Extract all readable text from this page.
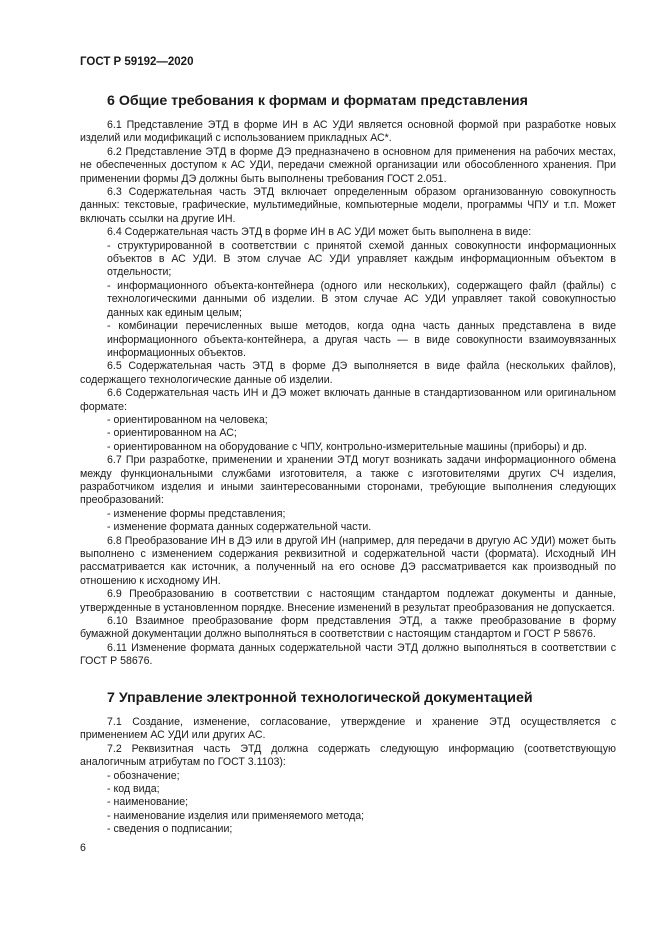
ГОСТ Р 59192—2020
6 Общие требования к формам и форматам представления

6.1 Представление ЭТД в форме ИН в АС УДИ является основной формой при разработке новых изделий или модификаций с использованием прикладных АС*.

6.2 Представление ЭТД в форме ДЭ предназначено в основном для применения на рабочих местах, не обеспеченных доступом к АС УДИ, передачи смежной организации или обособленного хранения. При применении формы ДЭ должны быть выполнены требования ГОСТ 2.051.

6.3 Содержательная часть ЭТД включает определенным образом организованную совокупность данных: текстовые, графические, мультимедийные, компьютерные модели, программы ЧПУ и т.п. Может включать ссылки на другие ИН.

6.4 Содержательная часть ЭТД в форме ИН в АС УДИ может быть выполнена в виде:

- структурированной в соответствии с принятой схемой данных совокупности информационных объектов в АС УДИ. В этом случае АС УДИ управляет каждым информационным объектом в отдельности;

- информационного объекта-контейнера (одного или нескольких), содержащего файл (файлы) с технологическими данными об изделии. В этом случае АС УДИ управляет такой совокупностью данных как единым целым;

- комбинации перечисленных выше методов, когда одна часть данных представлена в виде информационного объекта-контейнера, а другая часть — в виде совокупности взаимоувязанных информационных объектов.

6.5 Содержательная часть ЭТД в форме ДЭ выполняется в виде файла (нескольких файлов), содержащего технологические данные об изделии.

6.6 Содержательная часть ИН и ДЭ может включать данные в стандартизованном или оригинальном формате:

- ориентированном на человека;

- ориентированном на АС;

- ориентированном на оборудование с ЧПУ, контрольно-измерительные машины (приборы) и др.

6.7 При разработке, применении и хранении ЭТД могут возникать задачи информационного обмена между функциональными службами изготовителя, а также с изготовителями других СЧ изделия, разработчиком изделия и иными заинтересованными сторонами, требующие выполнения следующих преобразований:

- изменение формы представления;

- изменение формата данных содержательной части.

6.8 Преобразование ИН в ДЭ или в другой ИН (например, для передачи в другую АС УДИ) может быть выполнено с изменением содержания реквизитной и содержательной части (формата). Исходный ИН рассматривается как источник, а полученный на его основе ДЭ рассматривается как производный по отношению к исходному ИН.

6.9 Преобразованию в соответствии с настоящим стандартом подлежат документы и данные, утвержденные в установленном порядке. Внесение изменений в результат преобразования не допускается.

6.10 Взаимное преобразование форм представления ЭТД, а также преобразование в форму бумажной документации должно выполняться в соответствии с настоящим стандартом и ГОСТ Р 58676.

6.11 Изменение формата данных содержательной части ЭТД должно выполняться в соответствии с ГОСТ Р 58676.

7 Управление электронной технологической документацией

7.1 Создание, изменение, согласование, утверждение и хранение ЭТД осуществляется с применением АС УДИ или других АС.

7.2 Реквизитная часть ЭТД должна содержать следующую информацию (соответствующую аналогичным атрибутам по ГОСТ 3.1103):

- обозначение;

- код вида;

- наименование;

- наименование изделия или применяемого метода;

- сведения о подписании;

6
